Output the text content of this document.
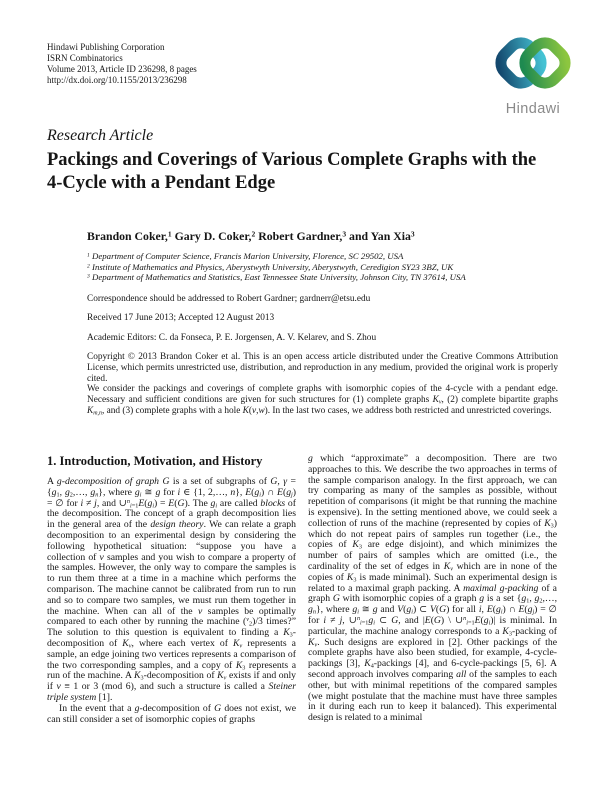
Hindawi Publishing Corporation
ISRN Combinatorics
Volume 2013, Article ID 236298, 8 pages
http://dx.doi.org/10.1155/2013/236298
Hindawi
Research Article
Packings and Coverings of Various Complete Graphs with the 4-Cycle with a Pendant Edge
Brandon Coker,$^1$ Gary D. Coker,$^2$ Robert Gardner,$^3$ and Yan Xia$^3$
$^1$ Department of Computer Science, Francis Marion University, Florence, SC 29502, USA
$^2$ Institute of Mathematics and Physics, Aberystwyth University, Aberystwyth, Ceredigion SY23 3BZ, UK
$^3$ Department of Mathematics and Statistics, East Tennessee State University, Johnson City, TN 37614, USA
Correspondence should be addressed to Robert Gardner; gardnerr@etsu.edu
Received 17 June 2013; Accepted 12 August 2013
Academic Editors: C. da Fonseca, P. E. Jorgensen, A. V. Kelarev, and S. Zhou
Copyright © 2013 Brandon Coker et al. This is an open access article distributed under the Creative Commons Attribution License, which permits unrestricted use, distribution, and reproduction in any medium, provided the original work is properly cited.
We consider the packings and coverings of complete graphs with isomorphic copies of the 4-cycle with a pendant edge. Necessary and sufficient conditions are given for such structures for (1) complete graphs $K_v$, (2) complete bipartite graphs $K_{m,n}$, and (3) complete graphs with a hole K(v,w). In the last two cases, we address both restricted and unrestricted coverings.
1. Introduction, Motivation, and History

A g-decomposition of graph G is a set of subgraphs of G, $\gamma = \{g_1$, $g_2,\dots$, $g_n$}, where $g_i$ ≅ g for i ∈ {1, 2,…, n}, $E(g_i)$ ∩ $E(g_j)$ = ∅ for i ≠ j, and $\cup^n_{i=1}E(g_i) = E(G)$. The $g_i$ are called blocks of the decomposition. The concept of a graph decomposition lies in the general area of the design theory. We can relate a graph decomposition to an experimental design by considering the following hypothetical situation: “suppose you have a collection of v samples and you wish to compare a property of the samples. However, the only way to compare the samples is to run them three at a time in a machine which performs the comparison. The machine cannot be calibrated from run to run and so to compare two samples, we must run them together in the machine. When can all of the v samples be optimally compared to each other by running the machine ($^v_2$)/3 times?” The solution to this question is equivalent to finding a $K_3$-decomposition of $K_v$, where each vertex of $K_v$ represents a sample, an edge joining two vertices represents a comparison of the two corresponding samples, and a copy of $K_3$ represents a run of the machine. A $K_3$-decomposition of $K_v$ exists if and only if v ≡ 1 or 3 (mod 6), and such a structure is called a Steiner triple system [1].

In the event that a g-decomposition of G does not exist, we can still consider a set of isomorphic copies of graphs

g which “approximate” a decomposition. There are two approaches to this. We describe the two approaches in terms of the sample comparison analogy. In the first approach, we can try comparing as many of the samples as possible, without repetition of comparisons (it might be that running the machine is expensive). In the setting mentioned above, we could seek a collection of runs of the machine (represented by copies of $K_3$) which do not repeat pairs of samples run together (i.e., the copies of $K_3$ are edge disjoint), and which minimizes the number of pairs of samples which are omitted (i.e., the cardinality of the set of edges in $K_v$ which are in none of the copies of $K_3$ is made minimal). Such an experimental design is related to a maximal graph packing. A maximal g-packing of a graph G with isomorphic copies of a graph g is a set {$g_1$, $g_2,\dots$, $g_n$}, where $g_i$ ≅ g and $V(g_i)$ ⊂ V(G) for all i, $E(g_i)$ ∩ $E(g_j)$ = ∅ for i ≠ j, $\cup^n_{i=1}g_i$ ⊂ G, and |E(G) \ $\cup^n_{i=1}E(g_i)|$ is minimal. In particular, the machine analogy corresponds to a $K_3$-packing of $K_v$. Such designs are explored in [2]. Other packings of the complete graphs have also been studied, for example, 4-cycle-packings [3], $K_4$-packings [4], and 6-cycle-packings [5, 6]. A second approach involves comparing all of the samples to each other, but with minimal repetitions of the compared samples (we might postulate that the machine must have three samples in it during each run to keep it balanced). This experimental design is related to a minimal
